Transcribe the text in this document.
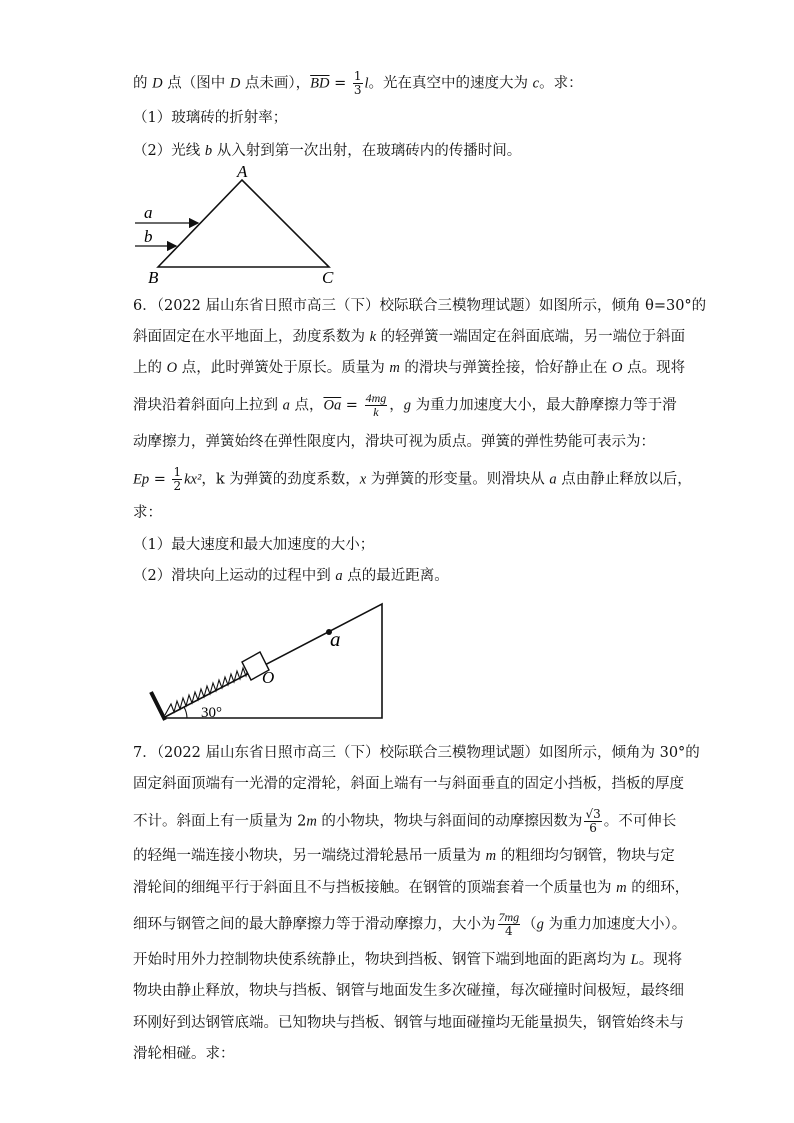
的 D 点（图中 D 点未画），$\overline{BD} = \frac{1}{3}$ l。光在真空中的速度大为 c。求：
（1）玻璃砖的折射率；
（2）光线 b 从入射到第一次出射，在玻璃砖内的传播时间。
A
B	C
a
b
6．（2022 届山东省日照市高三（下）校际联合三模物理试题）如图所示，倾角 θ=30°的
斜面固定在水平地面上，劲度系数为 k 的轻弹簧一端固定在斜面底端，另一端位于斜面
上的 O 点，此时弹簧处于原长。质量为 m 的滑块与弹簧拴接，恰好静止在 O 点。现将
滑块沿着斜面向上拉到 a 点，$\overline{Oa} = \frac{4mg}{k}$ ，g 为重力加速度大小，最大静摩擦力等于滑
动摩擦力，弹簧始终在弹性限度内，滑块可视为质点。弹簧的弹性势能可表示为：
$Ep = \frac{1}{2} kx^2$，k 为弹簧的劲度系数，x 为弹簧的形变量。则滑块从 a 点由静止释放以后，
求：
（1）最大速度和最大加速度的大小；
（2）滑块向上运动的过程中到 a 点的最近距离。
O
a
30°
7．（2022 届山东省日照市高三（下）校际联合三模物理试题）如图所示，倾角为 30°的
固定斜面顶端有一光滑的定滑轮，斜面上端有一与斜面垂直的固定小挡板，挡板的厚度
不计。斜面上有一质量为 2m 的小物块，物块与斜面间的动摩擦因数为 $\frac{√3}{6}$ 。不可伸长
的轻绳一端连接小物块，另一端绕过滑轮悬吊一质量为 m 的粗细均匀钢管，物块与定
滑轮间的细绳平行于斜面且不与挡板接触。在钢管的顶端套着一个质量也为 m 的细环，
细环与钢管之间的最大静摩擦力等于滑动摩擦力，大小为 $\frac{7mg}{4} (g$ 为重力加速度大小）。
开始时用外力控制物块使系统静止，物块到挡板、钢管下端到地面的距离均为 L。现将
物块由静止释放，物块与挡板、钢管与地面发生多次碰撞，每次碰撞时间极短，最终细
环刚好到达钢管底端。已知物块与挡板、钢管与地面碰撞均无能量损失，钢管始终未与
滑轮相碰。求：
